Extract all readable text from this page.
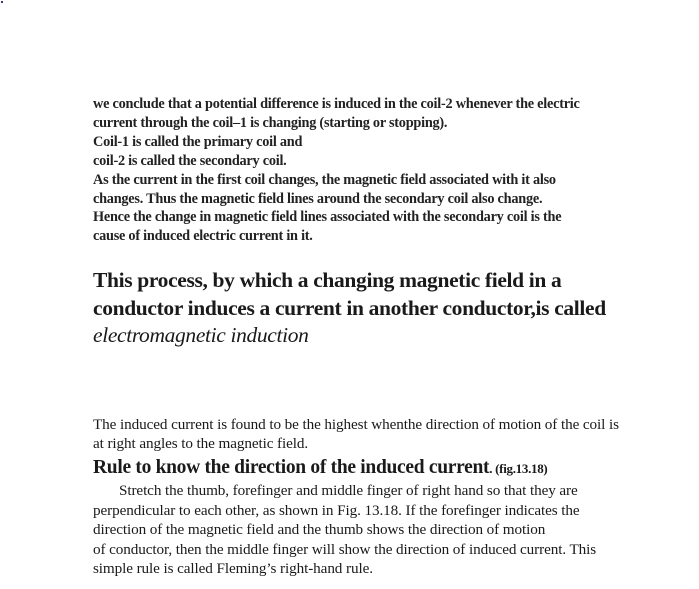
we conclude that a potential difference is induced in the coil-2 whenever the electric
current through the coil–1 is changing (starting or stopping).
Coil-1 is called the primary coil and
coil-2 is called the secondary coil.
As the current in the first coil changes, the magnetic field associated with it also
changes. Thus the magnetic field lines around the secondary coil also change.
Hence the change in magnetic field lines associated with the secondary coil is the
cause of induced electric current in it.
This process, by which a changing magnetic field in a
conductor induces a current in another conductor,is called
electromagnetic induction
The induced current is found to be the highest whenthe direction of motion of the coil is
at right angles to the magnetic field.
Rule to know the direction of the induced current. (fig.13.18)
Stretch the thumb, forefinger and middle finger of right hand so that they are
perpendicular to each other, as shown in Fig. 13.18. If the forefinger indicates the
direction of the magnetic field and the thumb shows the direction of motion
of conductor, then the middle finger will show the direction of induced current. This
simple rule is called Fleming’s right-hand rule.
